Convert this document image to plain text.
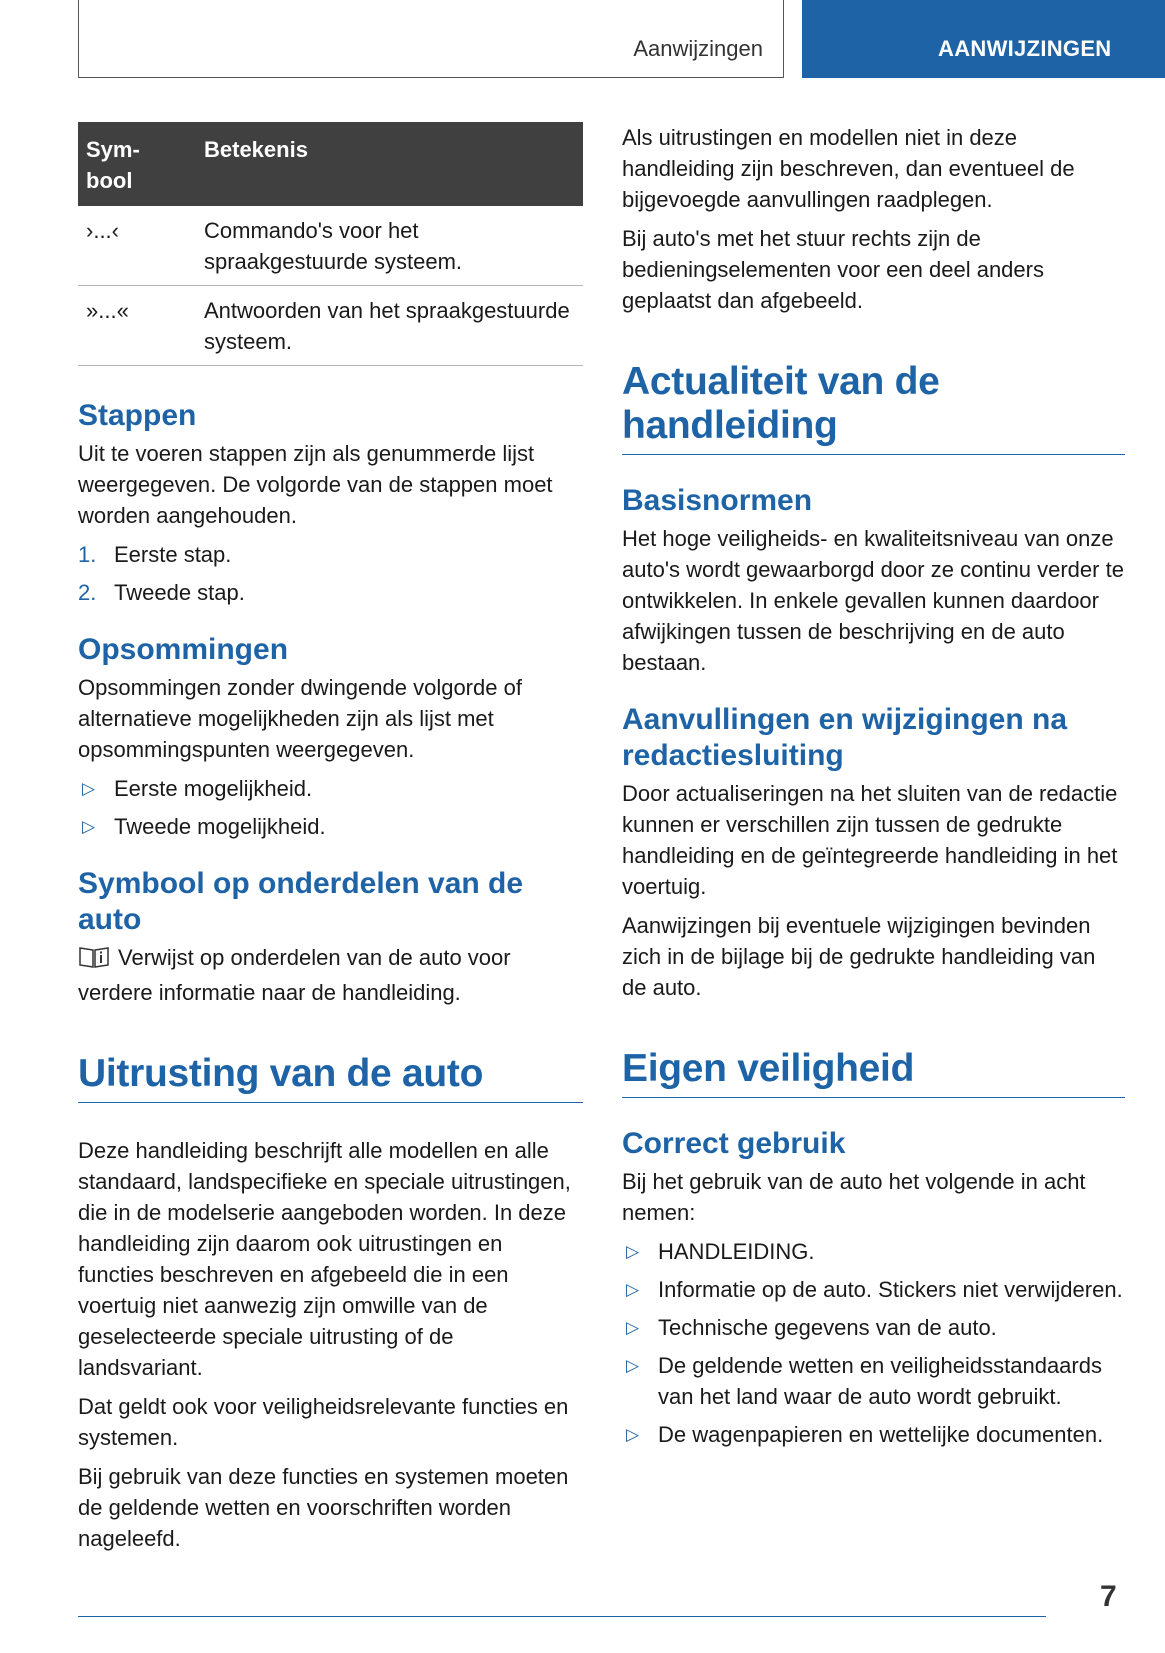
Aanwijzingen	AANWIJZINGEN
Sym-
bool	Betekenis
›...‹	Commando's voor het spraakgestuurde systeem.
»...«	Antwoorden van het spraakgestuurde systeem.
Stappen

Uit te voeren stappen zijn als genummerde lijst weergegeven. De volgorde van de stappen moet worden aangehouden.

1. Eerste stap.
2. Tweede stap.
Opsommingen

Opsommingen zonder dwingende volgorde of alternatieve mogelijkheden zijn als lijst met opsommingspunten weergegeven.

▷ Eerste mogelijkheid.
▷ Tweede mogelijkheid.
Symbool op onderdelen van de auto

Verwijst op onderdelen van de auto voor verdere informatie naar de handleiding.

Uitrusting van de auto

Deze handleiding beschrijft alle modellen en alle standaard, landspecifieke en speciale uitrustingen, die in de modelserie aangeboden worden. In deze handleiding zijn daarom ook uitrustingen en functies beschreven en afgebeeld die in een voertuig niet aanwezig zijn omwille van de geselecteerde speciale uitrusting of de landsvariant.

Dat geldt ook voor veiligheidsrelevante functies en systemen.

Bij gebruik van deze functies en systemen moeten de geldende wetten en voorschriften worden nageleefd.

Als uitrustingen en modellen niet in deze handleiding zijn beschreven, dan eventueel de bijgevoegde aanvullingen raadplegen.

Bij auto's met het stuur rechts zijn de bedieningselementen voor een deel anders geplaatst dan afgebeeld.

Actualiteit van de handleiding
Basisnormen

Het hoge veiligheids- en kwaliteitsniveau van onze auto's wordt gewaarborgd door ze continu verder te ontwikkelen. In enkele gevallen kunnen daardoor afwijkingen tussen de beschrijving en de auto bestaan.

Aanvullingen en wijzigingen na redactiesluiting

Door actualiseringen na het sluiten van de redactie kunnen er verschillen zijn tussen de gedrukte handleiding en de geïntegreerde handleiding in het voertuig.

Aanwijzingen bij eventuele wijzigingen bevinden zich in de bijlage bij de gedrukte handleiding van de auto.

Eigen veiligheid
Correct gebruik

Bij het gebruik van de auto het volgende in acht nemen:

▷ HANDLEIDING.
▷ Informatie op de auto. Stickers niet verwijderen.
▷ Technische gegevens van de auto.
▷ De geldende wetten en veiligheidsstandaards van het land waar de auto wordt gebruikt.
▷ De wagenpapieren en wettelijke documenten.
7
